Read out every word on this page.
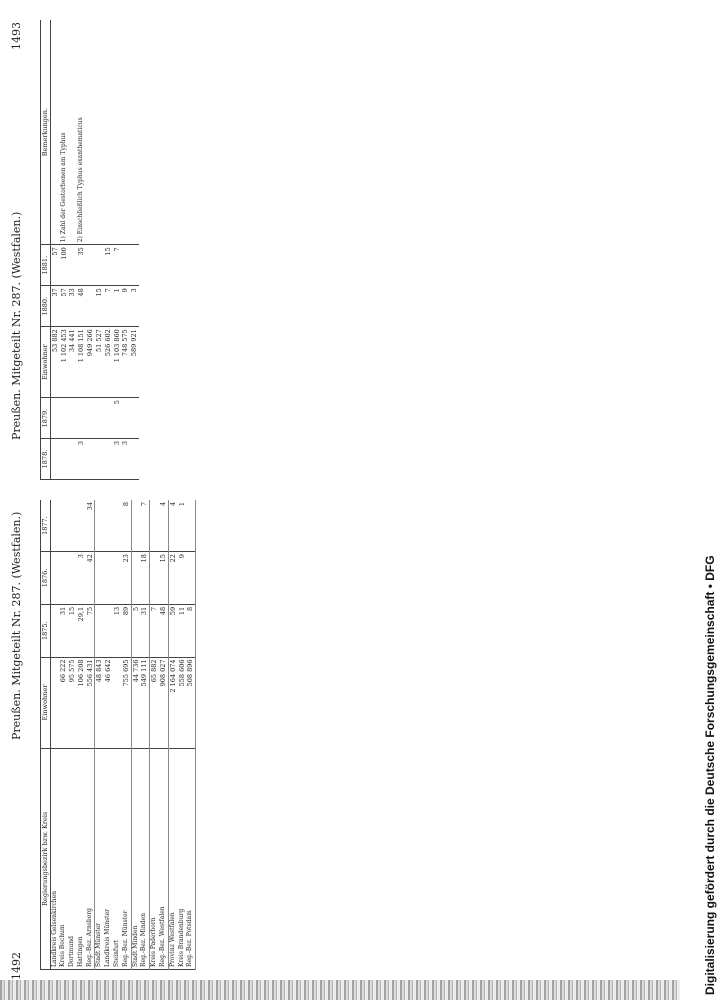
1492
Preußen. Mitgeteilt Nr. 287. (Westfalen.)
Regierungsbezirk bzw. Kreis	Einwohner	1875.	1876.	1877.
Landkreis Gelsenkirchen				
Kreis Bochum	66 222	31		
Dortmund	95 575	15		
Hattingen	106 208	29,1	3	
Reg.-Bez. Arnsberg	556 431	75	42	34
Stadt Münster	48 843			
Landkreis Münster	46 642			
Steinfurt		13		
Reg.-Bez. Münster	755 695	89	23	8
Stadt Minden	44 736	5		
Reg.-Bez. Minden	549 111	31	18	7
Kreis Paderborn	65 882	7		
Reg.-Bez. Westfalen	908 027	48	15	4
Provinz Westfalen	2 164 074	59	22	4
Kreis Brandenburg	558 606	11	9	1
Reg.-Bez. Potsdam	508 896	8		
Preußen. Mitgeteilt Nr. 287. (Westfalen.)
1493
1878.	1879.	Einwohner	1880.	1881.	Bemerkungen.
		53 882	37	57	
		1 102 453	57	100	1) Zahl der Gestorbenen am Typhus
		34 441	33		
3		1 108 151	48	35	2) Einschließlich Typhus exanthematicus
		949 266			
		51 527	15		
		526 602	7	15	
3	5	1 103 860	1	7	
3		748 575	9		
		589 921	3		
Digitalisierung gefördert durch die Deutsche Forschungsgemeinschaft • DFG
